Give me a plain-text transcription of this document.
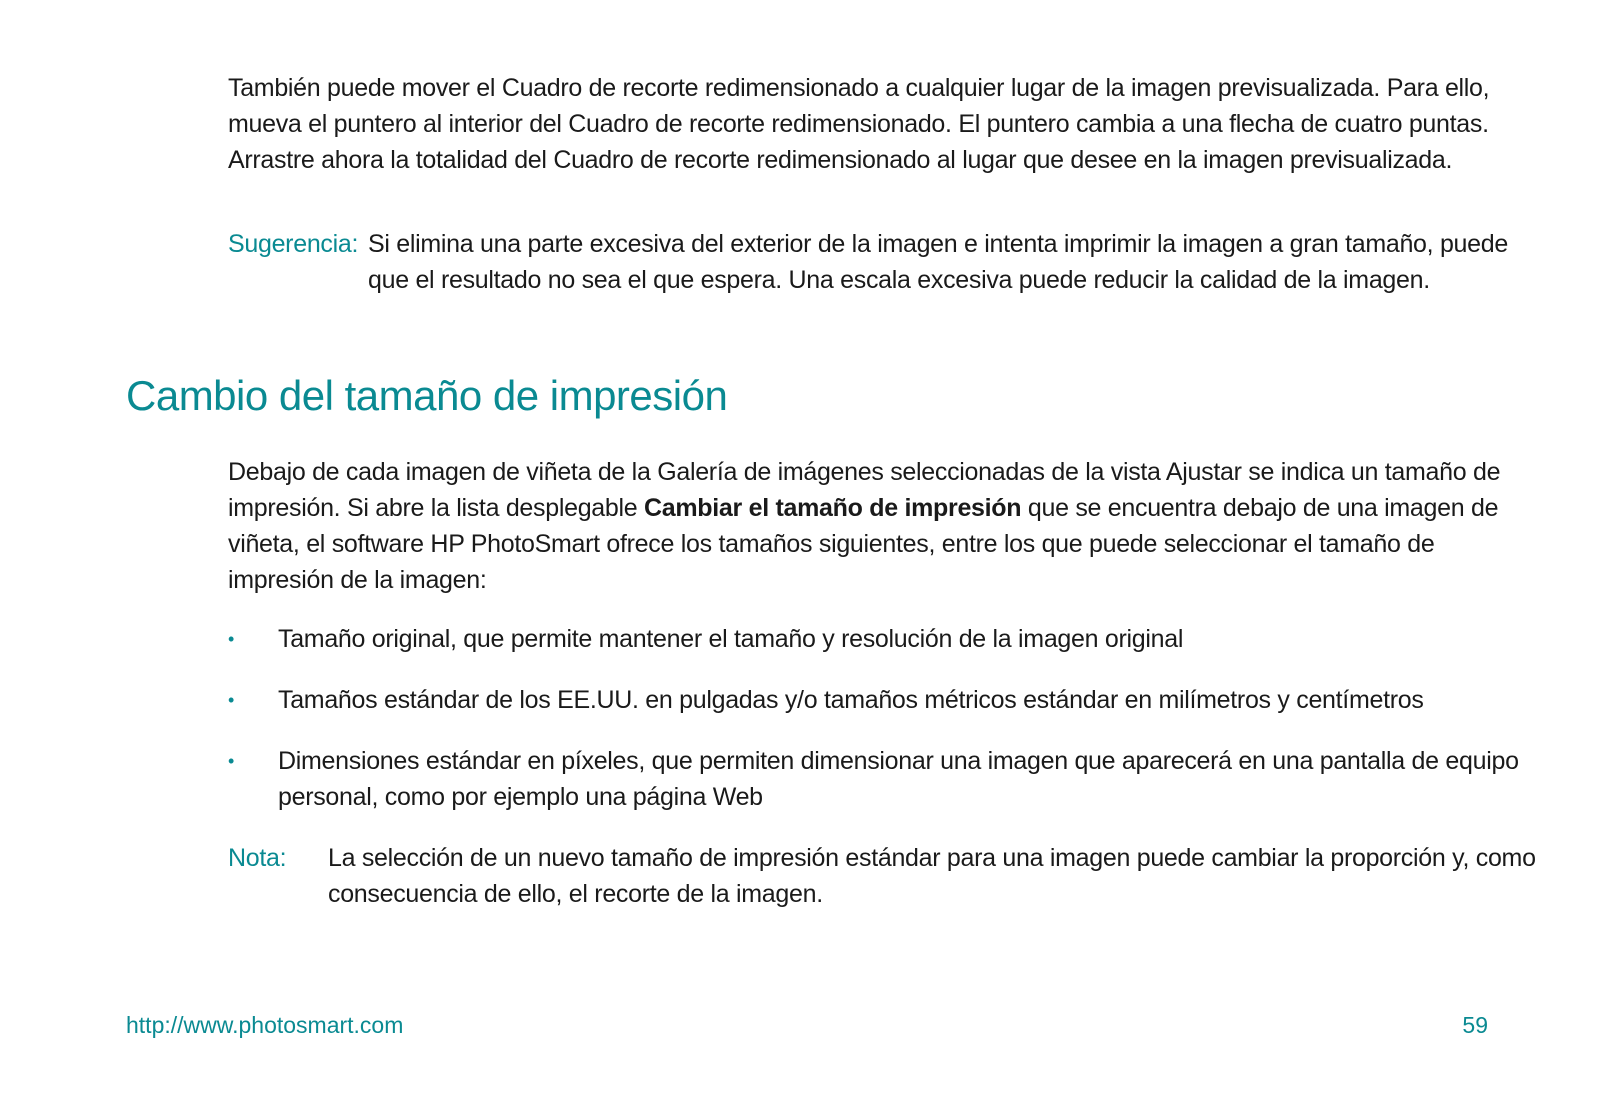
También puede mover el Cuadro de recorte redimensionado a cualquier lugar de la imagen previsualizada. Para ello, mueva el puntero al interior del Cuadro de recorte redimensionado. El puntero cambia a una flecha de cuatro puntas. Arrastre ahora la totalidad del Cuadro de recorte redimensionado al lugar que desee en la imagen previsualizada.

Sugerencia: Si elimina una parte excesiva del exterior de la imagen e intenta imprimir la imagen a gran tamaño, puede que el resultado no sea el que espera. Una escala excesiva puede reducir la calidad de la imagen.
Cambio del tamaño de impresión

Debajo de cada imagen de viñeta de la Galería de imágenes seleccionadas de la vista Ajustar se indica un tamaño de impresión. Si abre la lista desplegable Cambiar el tamaño de impresión que se encuentra debajo de una imagen de viñeta, el software HP PhotoSmart ofrece los tamaños siguientes, entre los que puede seleccionar el tamaño de impresión de la imagen:

•	Tamaño original, que permite mantener el tamaño y resolución de la imagen original
•	Tamaños estándar de los EE.UU. en pulgadas y/o tamaños métricos estándar en milímetros y centímetros
•	Dimensiones estándar en píxeles, que permiten dimensionar una imagen que aparecerá en una pantalla de equipo personal, como por ejemplo una página Web
Nota:	La selección de un nuevo tamaño de impresión estándar para una imagen puede cambiar la proporción y, como consecuencia de ello, el recorte de la imagen.
http://www.photosmart.com	59
